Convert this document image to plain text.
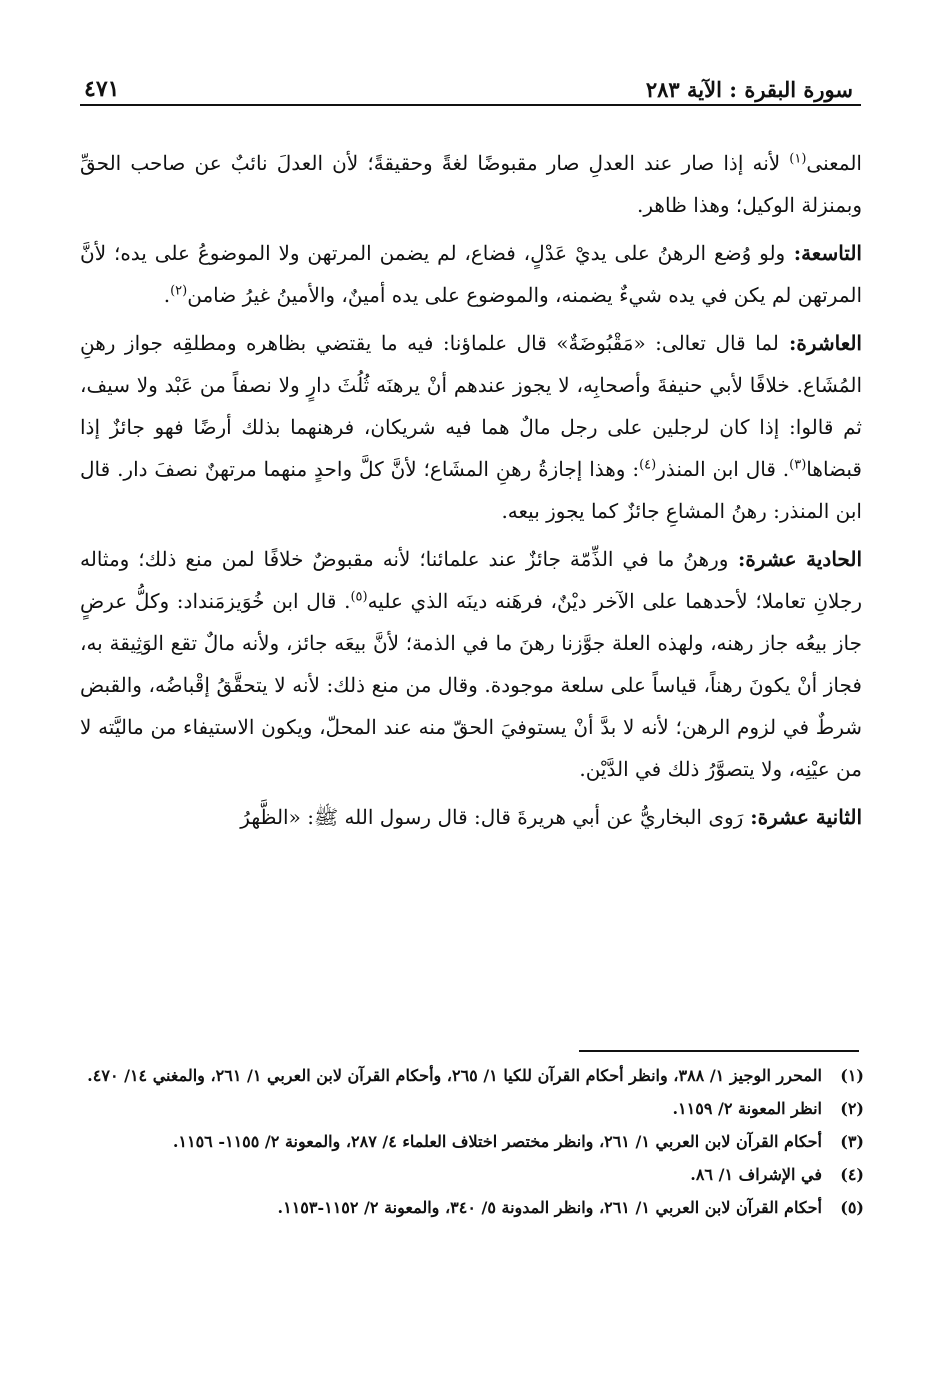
سورة البقرة : الآية ٢٨٣
٤٧١

المعنى$^{(١)}$ لأنه إذا صار عند العدلِ صار مقبوضًا لغةً وحقيقةً؛ لأن العدلَ نائبٌ عن صاحب الحقِّ وبمنزلة الوكيل؛ وهذا ظاهر.

التاسعة: ولو وُضع الرهنُ على يديْ عَدْلٍ، فضاع، لم يضمن المرتهن ولا الموضوعُ على يده؛ لأنَّ المرتهن لم يكن في يده شيءٌ يضمنه، والموضوع على يده أمينٌ، والأمينُ غيرُ ضامن$^{(٢)}$.

العاشرة: لما قال تعالى: «مَقْبُوضَةٌ» قال علماؤنا: فيه ما يقتضي بظاهره ومطلقِه جواز رهنِ المُشَاع. خلافًا لأبي حنيفةَ وأصحابِه، لا يجوز عندهم أنْ يرهنَه ثُلُثَ دارٍ ولا نصفاً من عَبْد ولا سيف، ثم قالوا: إذا كان لرجلين على رجل مالٌ هما فيه شريكان، فرهنهما بذلك أرضًا فهو جائزٌ إذا قبضاها$^{(٣)}$. قال ابن المنذر$^{(٤)}$: وهذا إجازةُ رهنِ المشَاع؛ لأنَّ كلَّ واحدٍ منهما مرتهنٌ نصفَ دار. قال ابن المنذر: رهنُ المشاعِ جائزٌ كما يجوز بيعه.

الحادية عشرة: ورهنُ ما في الذِّمّة جائزٌ عند علمائنا؛ لأنه مقبوضٌ خلافًا لمن منع ذلك؛ ومثاله رجلانِ تعاملا؛ لأحدهما على الآخر ديْنٌ، فرهَنه دينَه الذي عليه$^{(٥)}$. قال ابن خُوَيزمَنداد: وكلُّ عرضٍ جاز بيعُه جاز رهنه، ولهذه العلة جوَّزنا رهنَ ما في الذمة؛ لأنَّ بيعَه جائز، ولأنه مالٌ تقع الوَثِيقة به، فجاز أنْ يكونَ رهناً، قياساً على سلعة موجودة. وقال من منع ذلك: لأنه لا يتحقَّقُ إقْباضُه، والقبض شرطٌ في لزوم الرهن؛ لأنه لا بدَّ أنْ يستوفيَ الحقّ منه عند المحلّ، ويكون الاستيفاء من ماليَّته لا من عيْنِه، ولا يتصوَّرُ ذلك في الدَّيْن.

الثانية عشرة: رَوى البخاريُّ عن أبي هريرةَ قال: قال رسول الله ﷺ: «الظَّهرُ

(١)
المحرر الوجيز ١/ ٣٨٨، وانظر أحكام القرآن للكيا ١/ ٢٦٥، وأحكام القرآن لابن العربي ١/ ٢٦١، والمغني ١٤/ ٤٧٠.
(٢)
انظر المعونة ٢/ ١١٥٩.
(٣)
أحكام القرآن لابن العربي ١/ ٢٦١، وانظر مختصر اختلاف العلماء ٤/ ٢٨٧، والمعونة ٢/ ١١٥٥- ١١٥٦.
(٤)
في الإشراف ١/ ٨٦.
(٥)
أحكام القرآن لابن العربي ١/ ٢٦١، وانظر المدونة ٥/ ٣٤٠، والمعونة ٢/ ١١٥٢-١١٥٣.
